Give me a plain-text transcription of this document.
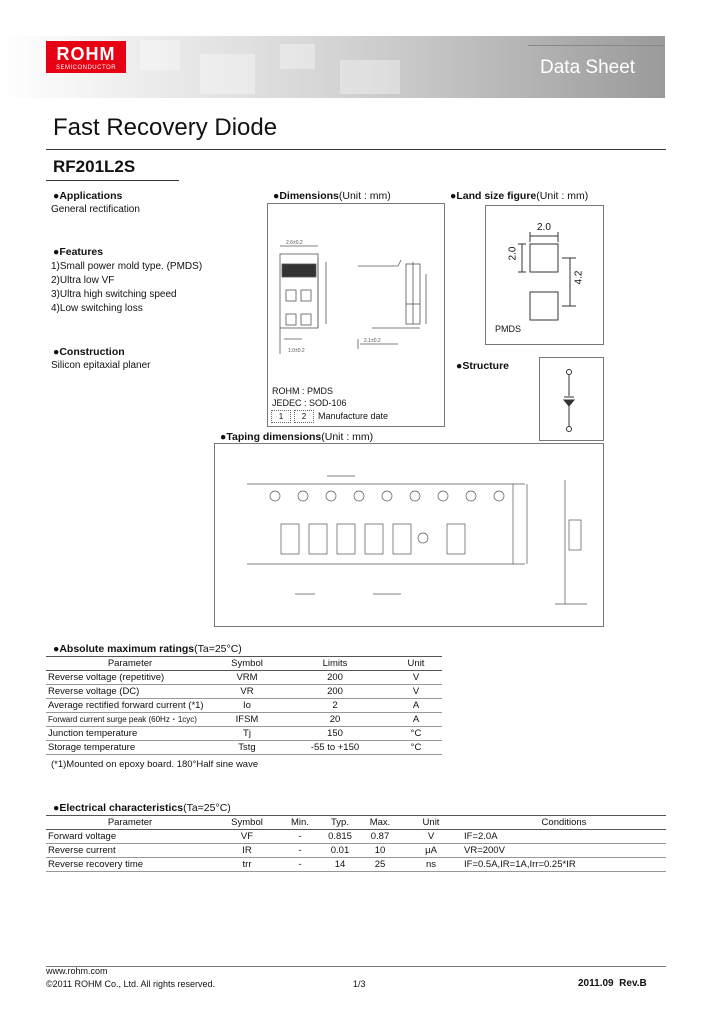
ROHM
SEMICONDUCTOR	Data Sheet
Fast Recovery Diode
RF201L2S
●Applications
General rectification
●Features
1)Small power mold type. (PMDS)
2)Ultra low VF
3)Ultra high switching speed
4)Low switching loss
●Construction
Silicon epitaxial planer
●Dimensions(Unit : mm)
2.6±0.2
1.0±0.2
2.1±0.2
ROHM : PMDS
JEDEC : SOD-106
1	2	Manufacture date
●Land size figure(Unit : mm)
2.0
2.0
4.2
PMDS
●Structure
●Taping dimensions(Unit : mm)
●Absolute maximum ratings(Ta=25°C)
Parameter	Symbol	Limits	Unit
Reverse voltage (repetitive)	VRM	200	V
Reverse voltage (DC)	VR	200	V
Average rectified forward current (*1)	Io	2	A
Forward current surge peak (60Hz・1cyc)	IFSM	20	A
Junction temperature	Tj	150	°C
Storage temperature	Tstg	-55 to +150	°C
(*1)Mounted on epoxy board. 180°Half sine wave
●Electrical characteristics(Ta=25°C)
Parameter	Symbol	Min.	Typ.	Max.	Unit	Conditions
Forward voltage	VF	-	0.815	0.87	V	IF=2.0A
Reverse current	IR	-	0.01	10	μA	VR=200V
Reverse recovery time	trr	-	14	25	ns	IF=0.5A,IR=1A,Irr=0.25*IR
www.rohm.com
©2011 ROHM Co., Ltd. All rights reserved.	1/3	2011.09 Rev.B
